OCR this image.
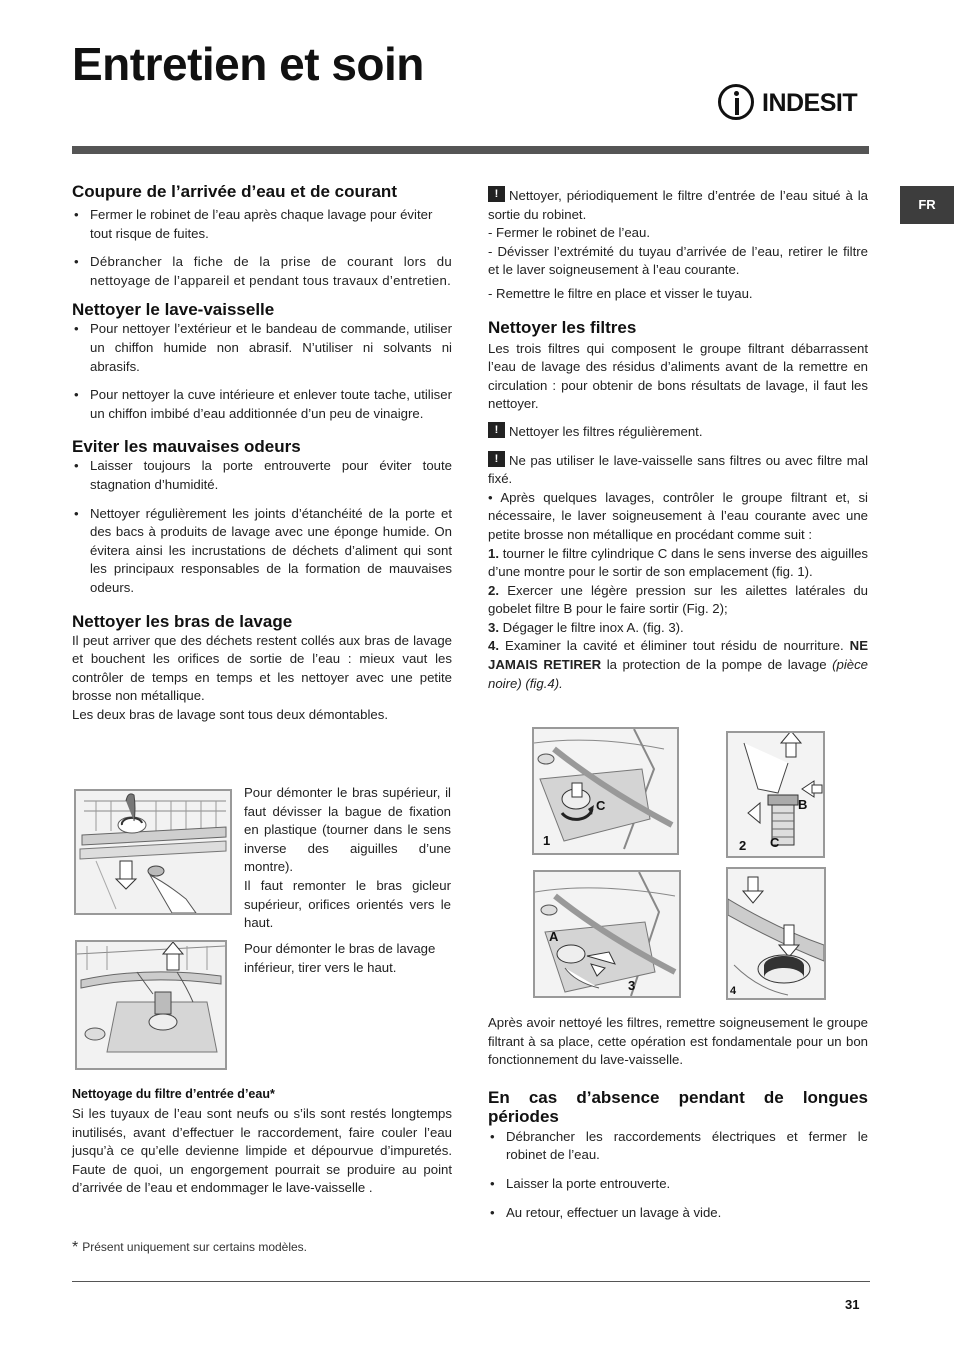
Entretien et soin
INDESIT
FR
Coupure de l’arrivée d’eau et de courant
• Fermer le robinet de l’eau après chaque lavage pour éviter tout risque de fuites.
• Débrancher la fiche de la prise de courant lors du nettoyage de l’appareil et pendant tous travaux d’entretien.
Nettoyer le lave-vaisselle
• Pour nettoyer l’extérieur et le bandeau de commande, utiliser un chiffon humide non abrasif. N’utiliser ni solvants ni abrasifs.
• Pour nettoyer la cuve intérieure et enlever toute tache, utiliser un chiffon imbibé d’eau additionnée d’un peu de vinaigre.
Eviter les mauvaises odeurs
• Laisser toujours la porte entrouverte pour éviter toute stagnation d’humidité.
• Nettoyer régulièrement les joints d’étanchéité de la porte et des bacs à produits de lavage avec une éponge humide. On évitera ainsi les incrustations de déchets d’aliment qui sont les principaux responsables de la formation de mauvaises odeurs.
Nettoyer les bras de lavage

Il peut arriver que des déchets restent collés aux bras de lavage et bouchent les orifices de sortie de l’eau : mieux vaut les contrôler de temps en temps et les nettoyer avec une petite brosse non métallique.

Les deux bras de lavage sont tous deux démontables.

Pour démonter le bras supérieur, il faut dévisser la bague de fixation en plastique (tourner dans le sens inverse des aiguilles d’une montre).

Il faut remonter le bras gicleur supérieur, orifices orientés vers le haut.

Pour démonter le bras de lavage inférieur, tirer vers le haut.

Nettoyage du filtre d’entrée d’eau*

Si les tuyaux de l’eau sont neufs ou s’ils sont restés longtemps inutilisés, avant d’effectuer le raccordement, faire couler l’eau jusqu’à ce qu’elle devienne limpide et dépourvue d’impuretés. Faute de quoi, un engorgement pourrait se produire au point d’arrivée de l’eau et endommager le lave-vaisselle .

!Nettoyer, périodiquement le filtre d’entrée de l’eau situé à la sortie du robinet.

- Fermer le robinet de l’eau.

- Dévisser l’extrémité du tuyau d’arrivée de l’eau, retirer le filtre et le laver soigneusement à l’eau courante.

- Remettre le filtre en place et visser le tuyau.

Nettoyer les filtres

Les trois filtres qui composent le groupe filtrant débarrassent l’eau de lavage des résidus d’aliments avant de la remettre en circulation : pour obtenir de bons résultats de lavage, il faut les nettoyer.

!Nettoyer les filtres régulièrement.

!Ne pas utiliser le lave-vaisselle sans filtres ou avec filtre mal fixé.

• Après quelques lavages, contrôler le groupe filtrant et, si nécessaire, le laver soigneusement à l’eau courante avec une petite brosse non métallique en procédant comme suit :

1. tourner le filtre cylindrique C dans le sens inverse des aiguilles d’une montre pour le sortir de son emplacement (fig. 1).

2. Exercer une légère pression sur les ailettes latérales du gobelet filtre B pour le faire sortir (Fig. 2);

3. Dégager le filtre inox A. (fig. 3).

4. Examiner la cavité et éliminer tout résidu de nourriture. NE JAMAIS RETIRER la protection de la pompe de lavage (pièce noire) (fig.4).

C
1
B
2 C
A
3	4

Après avoir nettoyé les filtres, remettre soigneusement le groupe filtrant à sa place, cette opération est fondamentale pour un bon fonctionnement du lave-vaisselle.

En cas d’absence pendant de longues périodes
• Débrancher les raccordements électriques et fermer le robinet de l’eau.
• Laisser la porte entrouverte.
• Au retour, effectuer un lavage à vide.
* Présent uniquement sur certains modèles.
31
